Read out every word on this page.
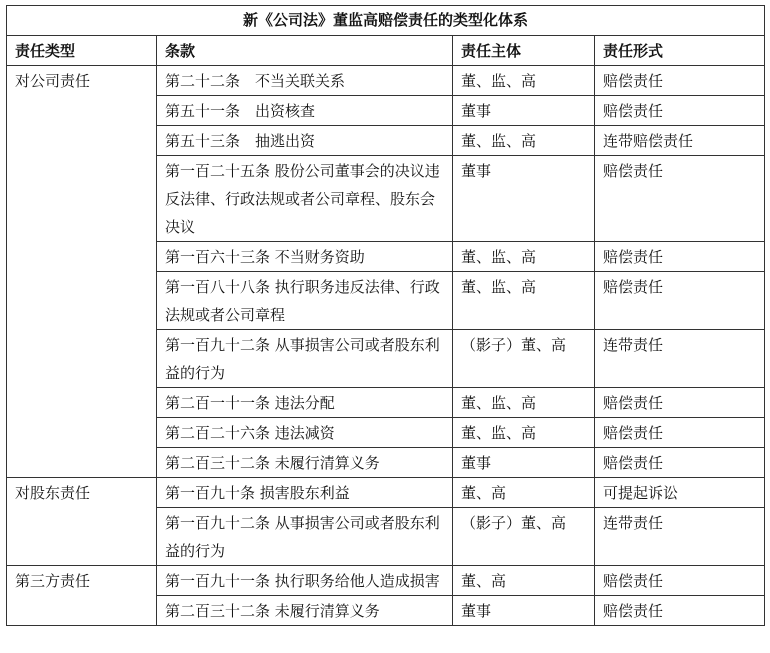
新《公司法》董监高赔偿责任的类型化体系			
责任类型	条款	责任主体	责任形式
对公司责任	第二十二条　不当关联关系	董、监、高	赔偿责任
	第五十一条　出资核查	董事	赔偿责任
	第五十三条　抽逃出资	董、监、高	连带赔偿责任
	第一百二十五条 股份公司董事会的决议违反法律、行政法规或者公司章程、股东会决议	董事	赔偿责任
	第一百六十三条 不当财务资助	董、监、高	赔偿责任
	第一百八十八条 执行职务违反法律、行政法规或者公司章程	董、监、高	赔偿责任
	第一百九十二条 从事损害公司或者股东利益的行为	（影子）董、高	连带责任
	第二百一十一条 违法分配	董、监、高	赔偿责任
	第二百二十六条 违法减资	董、监、高	赔偿责任
	第二百三十二条 未履行清算义务	董事	赔偿责任
对股东责任	第一百九十条 损害股东利益	董、高	可提起诉讼
	第一百九十二条 从事损害公司或者股东利益的行为	（影子）董、高	连带责任
第三方责任	第一百九十一条 执行职务给他人造成损害	董、高	赔偿责任
	第二百三十二条 未履行清算义务	董事	赔偿责任
